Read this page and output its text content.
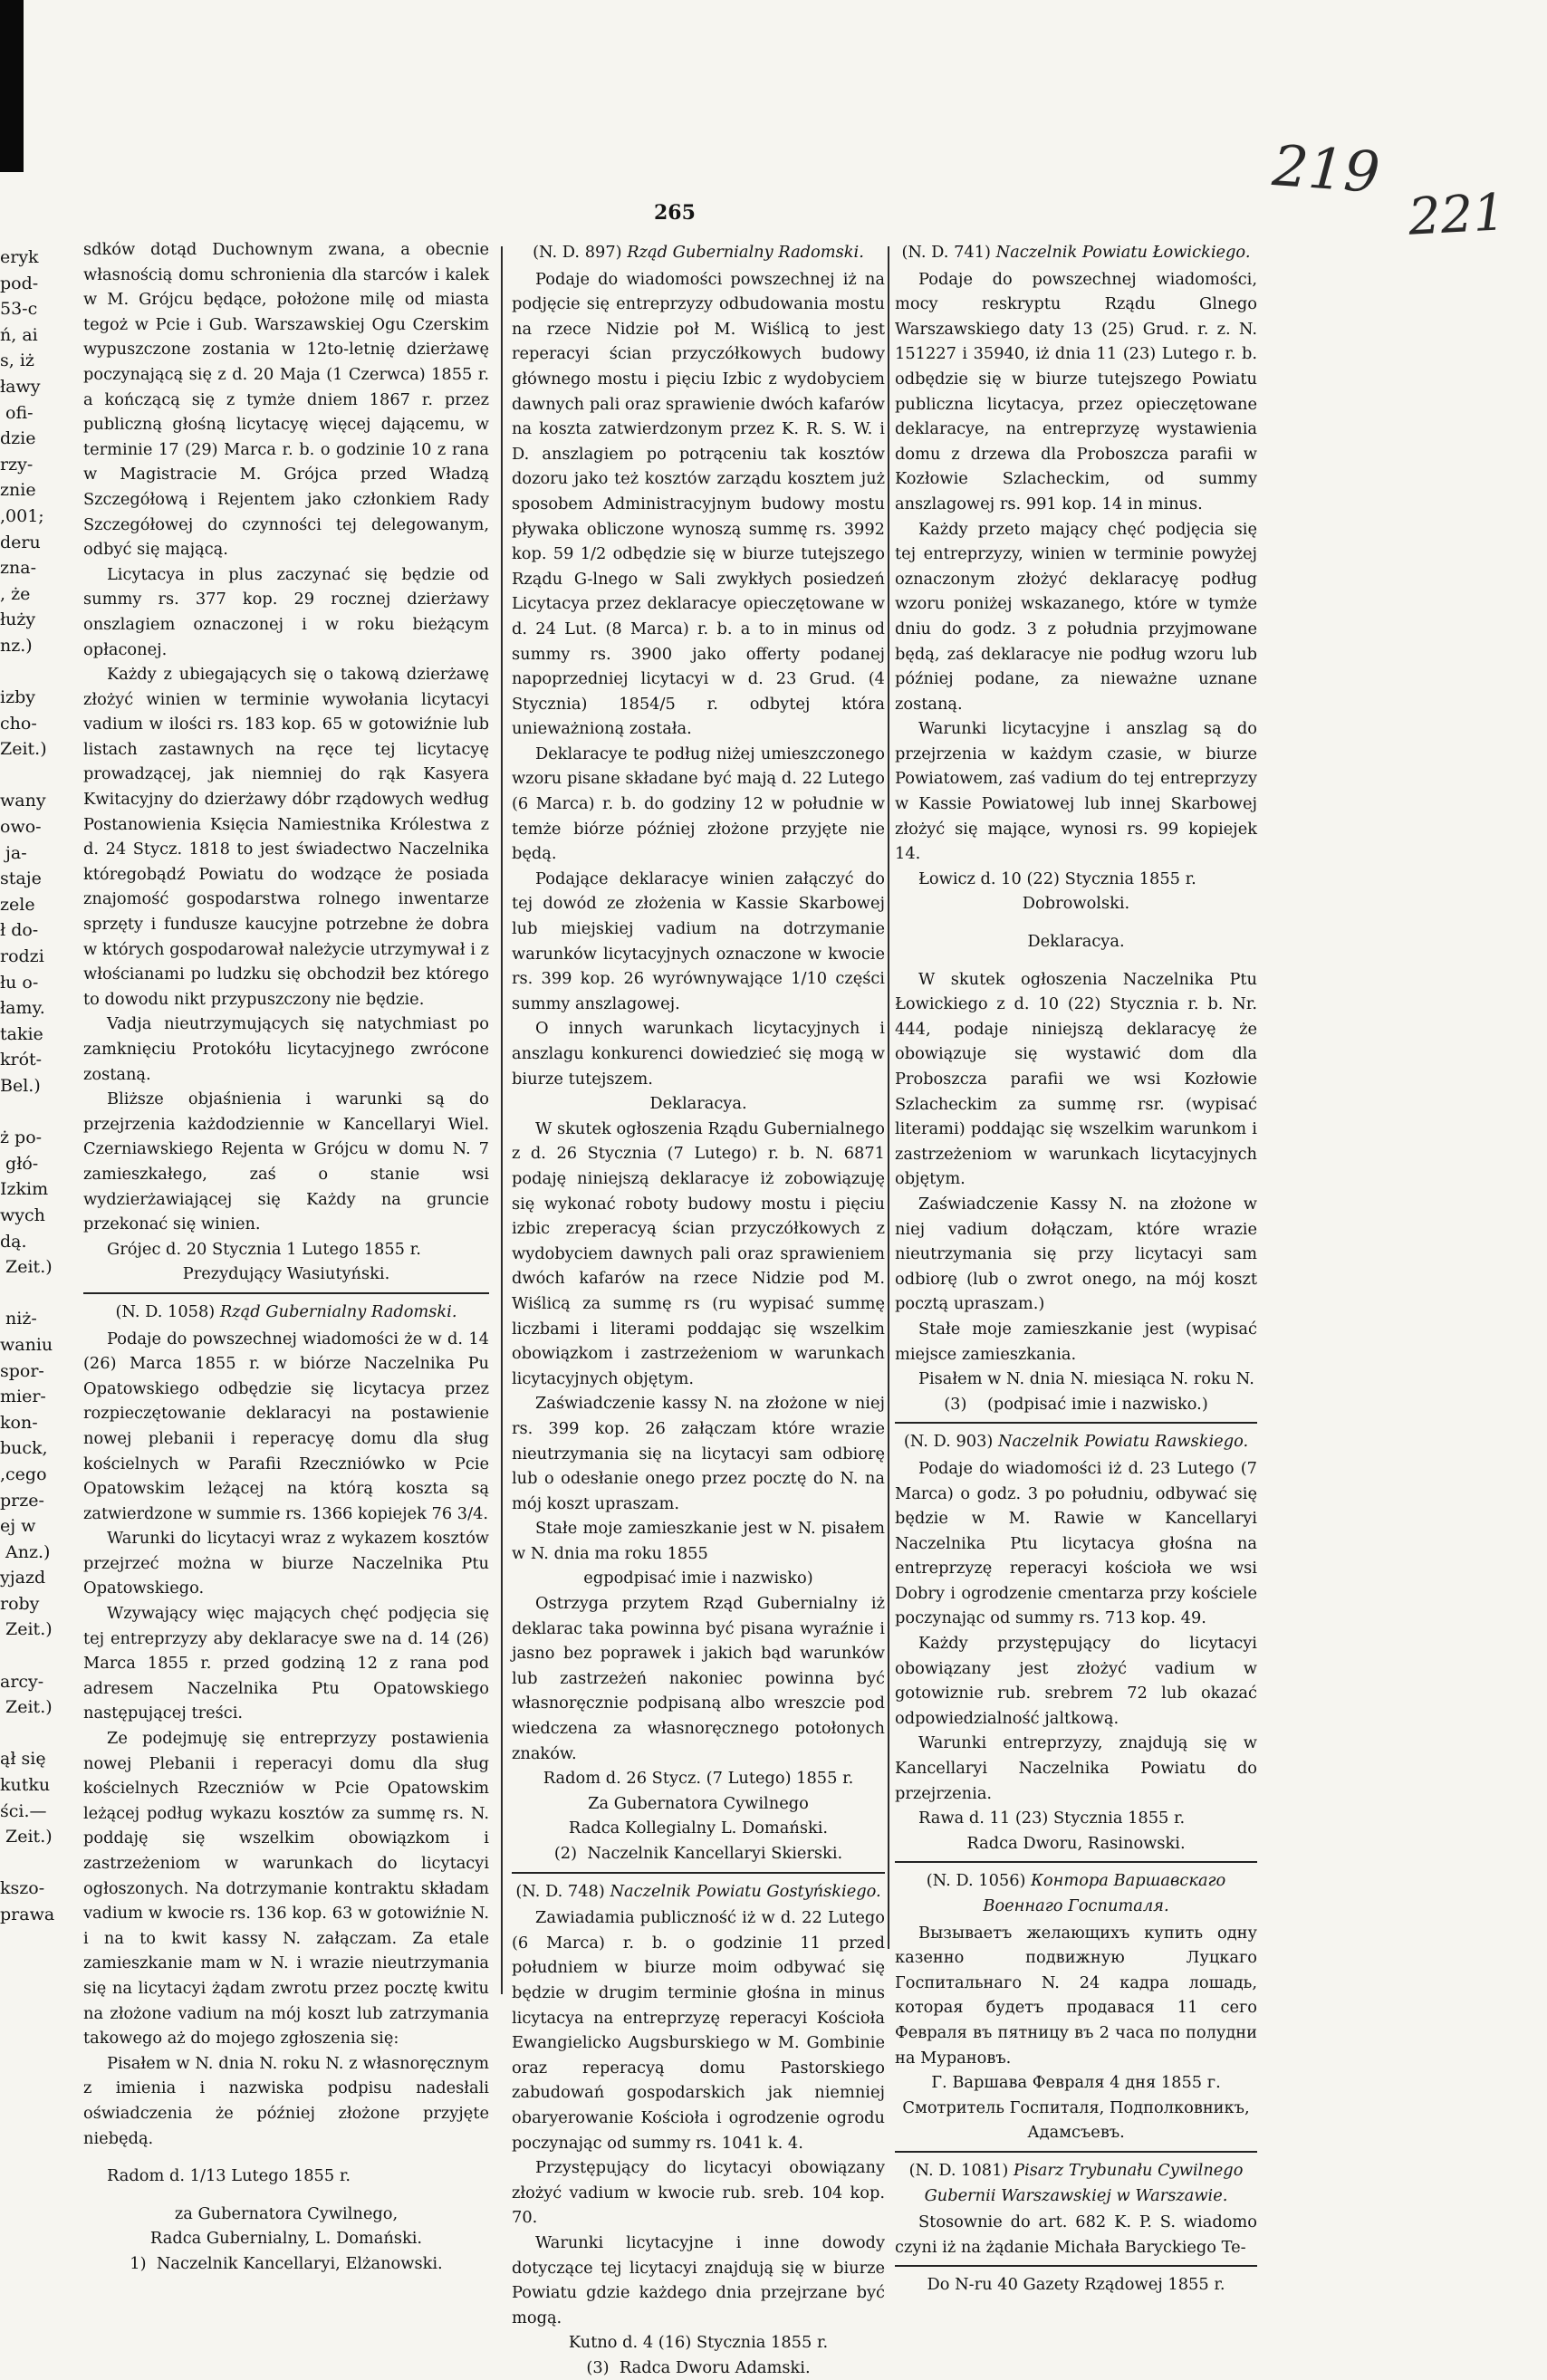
219
221
265
eryk
pod-
53-c
ń, ai
s, iż
ławy
ofi-
dzie
rzy-
znie
,001;
deru
zna-
, że
łuży
nz.)

izby
cho-
Zeit.)

wany
owo-
ja-
staje
zele
ł do-
rodzi
łu o-
łamy.
takie
krót-
Bel.)

ż po-
głó-
Izkim
wych
dą.
Zeit.)

niż-
waniu
spor-
mier-
kon-
buck,
,cego
prze-
ej w
Anz.)
yjazd
roby
Zeit.)

arcy-
Zeit.)

ął się
kutku
ści.—
Zeit.)

kszo-
prawa

sdków dotąd Duchownym zwana, a obecnie własnością domu schronienia dla starców i kalek w M. Grójcu będące, położone milę od miasta tegoż w Pcie i Gub. Warszawskiej Ogu Czerskim wypuszczone zostania w 12to-letnię dzierżawę poczynającą się z d. 20 Maja (1 Czerwca) 1855 r. a kończącą się z tymże dniem 1867 r. przez publiczną głośną licytacyę więcej dającemu, w terminie 17 (29) Marca r. b. o godzinie 10 z rana w Magistracie M. Grójca przed Władzą Szczegółową i Rejentem jako członkiem Rady Szczegółowej do czynności tej delegowanym, odbyć się mającą.

Licytacya in plus zaczynać się będzie od summy rs. 377 kop. 29 rocznej dzierżawy onszlagiem oznaczonej i w roku bieżącym opłaconej.

Każdy z ubiegających się o takową dzierżawę złożyć winien w terminie wywołania licytacyi vadium w ilości rs. 183 kop. 65 w gotowiźnie lub listach zastawnych na ręce tej licytacyę prowadzącej, jak niemniej do rąk Kasyera Kwitacyjny do dzierżawy dóbr rządowych według Postanowienia Księcia Namiestnika Królestwa z d. 24 Stycz. 1818 to jest świadectwo Naczelnika któregobądź Powiatu do wodzące że posiada znajomość gospodarstwa rolnego inwentarze sprzęty i fundusze kaucyjne potrzebne że dobra w których gospodarował należycie utrzymywał i z włościanami po ludzku się obchodził bez którego to dowodu nikt przypuszczony nie będzie.

Vadja nieutrzymujących się natychmiast po zamknięciu Protokółu licytacyjnego zwrócone zostaną.

Bliższe objaśnienia i warunki są do przejrzenia każdodziennie w Kancellaryi Wiel. Czerniawskiego Rejenta w Grójcu w domu N. 7 zamieszkałego, zaś o stanie wsi wydzierżawiającej się Każdy na gruncie przekonać się winien.

Grójec d. 20 Stycznia 1 Lutego 1855 r.

Prezydujący Wasiutyński.
(N. D. 1058) Rząd Gubernialny Radomski.

Podaje do powszechnej wiadomości że w d. 14 (26) Marca 1855 r. w biórze Naczelnika Pu Opatowskiego odbędzie się licytacya przez rozpieczętowanie deklaracyi na postawienie nowej plebanii i reperacyę domu dla sług kościelnych w Parafii Rzeczniówko w Pcie Opatowskim leżącej na którą koszta są zatwierdzone w summie rs. 1366 kopiejek 76 3/4.

Warunki do licytacyi wraz z wykazem kosztów przejrzeć można w biurze Naczelnika Ptu Opatowskiego.

Wzywający więc mających chęć podjęcia się tej entreprzyzy aby deklaracye swe na d. 14 (26) Marca 1855 r. przed godziną 12 z rana pod adresem Naczelnika Ptu Opatowskiego następującej treści.

Ze podejmuję się entreprzyzy postawienia nowej Plebanii i reperacyi domu dla sług kościelnych Rzeczniów w Pcie Opatowskim leżącej podług wykazu kosztów za summę rs. N. poddaję się wszelkim obowiązkom i zastrzeżeniom w warunkach do licytacyi ogłoszonych. Na dotrzymanie kontraktu składam vadium w kwocie rs. 136 kop. 63 w gotowiźnie N. i na to kwit kassy N. załączam. Za etale zamieszkanie mam w N. i wrazie nieutrzymania się na licytacyi żądam zwrotu przez pocztę kwitu na złożone vadium na mój koszt lub zatrzymania takowego aż do mojego zgłoszenia się:

Pisałem w N. dnia N. roku N. z własnoręcznym z imienia i nazwiska podpisu nadesłali oświadczenia że później złożone przyjęte niebędą.

Radom d. 1/13 Lutego 1855 r.

za Gubernatora Cywilnego,
Radca Gubernialny, L. Domański.
1) Naczelnik Kancellaryi, Elżanowski.
(N. D. 897) Rząd Gubernialny Radomski.

Podaje do wiadomości powszechnej iż na podjęcie się entreprzyzy odbudowania mostu na rzece Nidzie poł M. Wiślicą to jest reperacyi ścian przyczółkowych budowy głównego mostu i pięciu Izbic z wydobyciem dawnych pali oraz sprawienie dwóch kafarów na koszta zatwierdzonym przez K. R. S. W. i D. anszlagiem po potrąceniu tak kosztów dozoru jako też kosztów zarządu kosztem już sposobem Administracyjnym budowy mostu pływaka obliczone wynoszą summę rs. 3992 kop. 59 1/2 odbędzie się w biurze tutejszego Rządu G-lnego w Sali zwykłych posiedzeń Licytacya przez deklaracye opieczętowane w d. 24 Lut. (8 Marca) r. b. a to in minus od summy rs. 3900 jako offerty podanej napoprzedniej licytacyi w d. 23 Grud. (4 Stycznia) 1854/5 r. odbytej która unieważnioną została.

Deklaracye te podług niżej umieszczonego wzoru pisane składane być mają d. 22 Lutego (6 Marca) r. b. do godziny 12 w południe w temże biórze później złożone przyjęte nie będą.

Podające deklaracye winien załączyć do tej dowód ze złożenia w Kassie Skarbowej lub miejskiej vadium na dotrzymanie warunków licytacyjnych oznaczone w kwocie rs. 399 kop. 26 wyrównywające 1/10 części summy anszlagowej.

O innych warunkach licytacyjnych i anszlagu konkurenci dowiedzieć się mogą w biurze tutejszem.

Deklaracya.

W skutek ogłoszenia Rządu Gubernialnego z d. 26 Stycznia (7 Lutego) r. b. N. 6871 podaję niniejszą deklaracye iż zobowiązuję się wykonać roboty budowy mostu i pięciu izbic zreperacyą ścian przyczółkowych z wydobyciem dawnych pali oraz sprawieniem dwóch kafarów na rzece Nidzie pod M. Wiślicą za summę rs (ru wypisać summę liczbami i literami poddając się wszelkim obowiązkom i zastrzeżeniom w warunkach licytacyjnych objętym.

Zaświadczenie kassy N. na złożone w niej rs. 399 kop. 26 załączam które wrazie nieutrzymania się na licytacyi sam odbiorę lub o odesłanie onego przez pocztę do N. na mój koszt upraszam.

Stałe moje zamieszkanie jest w N. pisałem w N. dnia ma roku 1855

egpodpisać imie i nazwisko)

Ostrzyga przytem Rząd Gubernialny iż deklarac taka powinna być pisana wyraźnie i jasno bez poprawek i jakich bąd warunków lub zastrzeżeń nakoniec powinna być własnoręcznie podpisaną albo wreszcie pod wiedczena za własnoręcznego potołonych znaków.

Radom d. 26 Stycz. (7 Lutego) 1855 r.
Za Gubernatora Cywilnego
Radca Kollegialny L. Domański.
(2) Naczelnik Kancellaryi Skierski.
(N. D. 748) Naczelnik Powiatu Gostyńskiego.

Zawiadamia publiczność iż w d. 22 Lutego (6 Marca) r. b. o godzinie 11 przed południem w biurze moim odbywać się będzie w drugim terminie głośna in minus licytacya na entreprzyzę reperacyi Kościoła Ewangielicko Augsburskiego w M. Gombinie oraz reperacyą domu Pastorskiego zabudowań gospodarskich jak niemniej obaryerowanie Kościoła i ogrodzenie ogrodu poczynając od summy rs. 1041 k. 4.

Przystępujący do licytacyi obowiązany złożyć vadium w kwocie rub. sreb. 104 kop. 70.

Warunki licytacyjne i inne dowody dotyczące tej licytacyi znajdują się w biurze Powiatu gdzie każdego dnia przejrzane być mogą.

Kutno d. 4 (16) Stycznia 1855 r.
(3) Radca Dworu Adamski.
(N. D. 741) Naczelnik Powiatu Łowickiego.

Podaje do powszechnej wiadomości, mocy reskryptu Rządu Glnego Warszawskiego daty 13 (25) Grud. r. z. N. 151227 i 35940, iż dnia 11 (23) Lutego r. b. odbędzie się w biurze tutejszego Powiatu publiczna licytacya, przez opieczętowane deklaracye, na entreprzyzę wystawienia domu z drzewa dla Proboszcza parafii w Kozłowie Szlacheckim, od summy anszlagowej rs. 991 kop. 14 in minus.

Każdy przeto mający chęć podjęcia się tej entreprzyzy, winien w terminie powyżej oznaczonym złożyć deklaracyę podług wzoru poniżej wskazanego, które w tymże dniu do godz. 3 z południa przyjmowane będą, zaś deklaracye nie podług wzoru lub później podane, za nieważne uznane zostaną.

Warunki licytacyjne i anszlag są do przejrzenia w każdym czasie, w biurze Powiatowem, zaś vadium do tej entreprzyzy w Kassie Powiatowej lub innej Skarbowej złożyć się mające, wynosi rs. 99 kopiejek 14.

Łowicz d. 10 (22) Stycznia 1855 r.

Dobrowolski.
Deklaracya.

W skutek ogłoszenia Naczelnika Ptu Łowickiego z d. 10 (22) Stycznia r. b. Nr. 444, podaje niniejszą deklaracyę że obowiązuje się wystawić dom dla Proboszcza parafii we wsi Kozłowie Szlacheckim za summę rsr. (wypisać literami) poddając się wszelkim warunkom i zastrzeżeniom w warunkach licytacyjnych objętym.

Zaświadczenie Kassy N. na złożone w niej vadium dołączam, które wrazie nieutrzymania się przy licytacyi sam odbiorę (lub o zwrot onego, na mój koszt pocztą upraszam.)

Stałe moje zamieszkanie jest (wypisać miejsce zamieszkania.

Pisałem w N. dnia N. miesiąca N. roku N.

(3) (podpisać imie i nazwisko.)
(N. D. 903) Naczelnik Powiatu Rawskiego.

Podaje do wiadomości iż d. 23 Lutego (7 Marca) o godz. 3 po południu, odbywać się będzie w M. Rawie w Kancellaryi Naczelnika Ptu licytacya głośna na entreprzyzę reperacyi kościoła we wsi Dobry i ogrodzenie cmentarza przy kościele poczynając od summy rs. 713 kop. 49.

Każdy przystępujący do licytacyi obowiązany jest złożyć vadium w gotowiznie rub. srebrem 72 lub okazać odpowiedzialność jaltkową.

Warunki entreprzyzy, znajdują się w Kancellaryi Naczelnika Powiatu do przejrzenia.

Rawa d. 11 (23) Stycznia 1855 r.

Radca Dworu, Rasinowski.
(N. D. 1056) Контора Варшавскаго Военнаго Госпиталя.

Вызываетъ желающихъ купить одну казенно подвижную Луцкаго Госпитальнаго N. 24 кадра лошадь, которая будетъ продавася 11 сего Февраля въ пятницу въ 2 часа по полудни на Мурановъ.

Г. Варшава Февраля 4 дня 1855 г.
Смотритель Госпиталя, Подполковникъ,
Адамсъевъ.
(N. D. 1081) Pisarz Trybunału Cywilnego Gubernii Warszawskiej w Warszawie.

Stosownie do art. 682 K. P. S. wiadomo czyni iż na żądanie Michała Baryckiego Te-

Do N-ru 40 Gazety Rządowej 1855 r.
